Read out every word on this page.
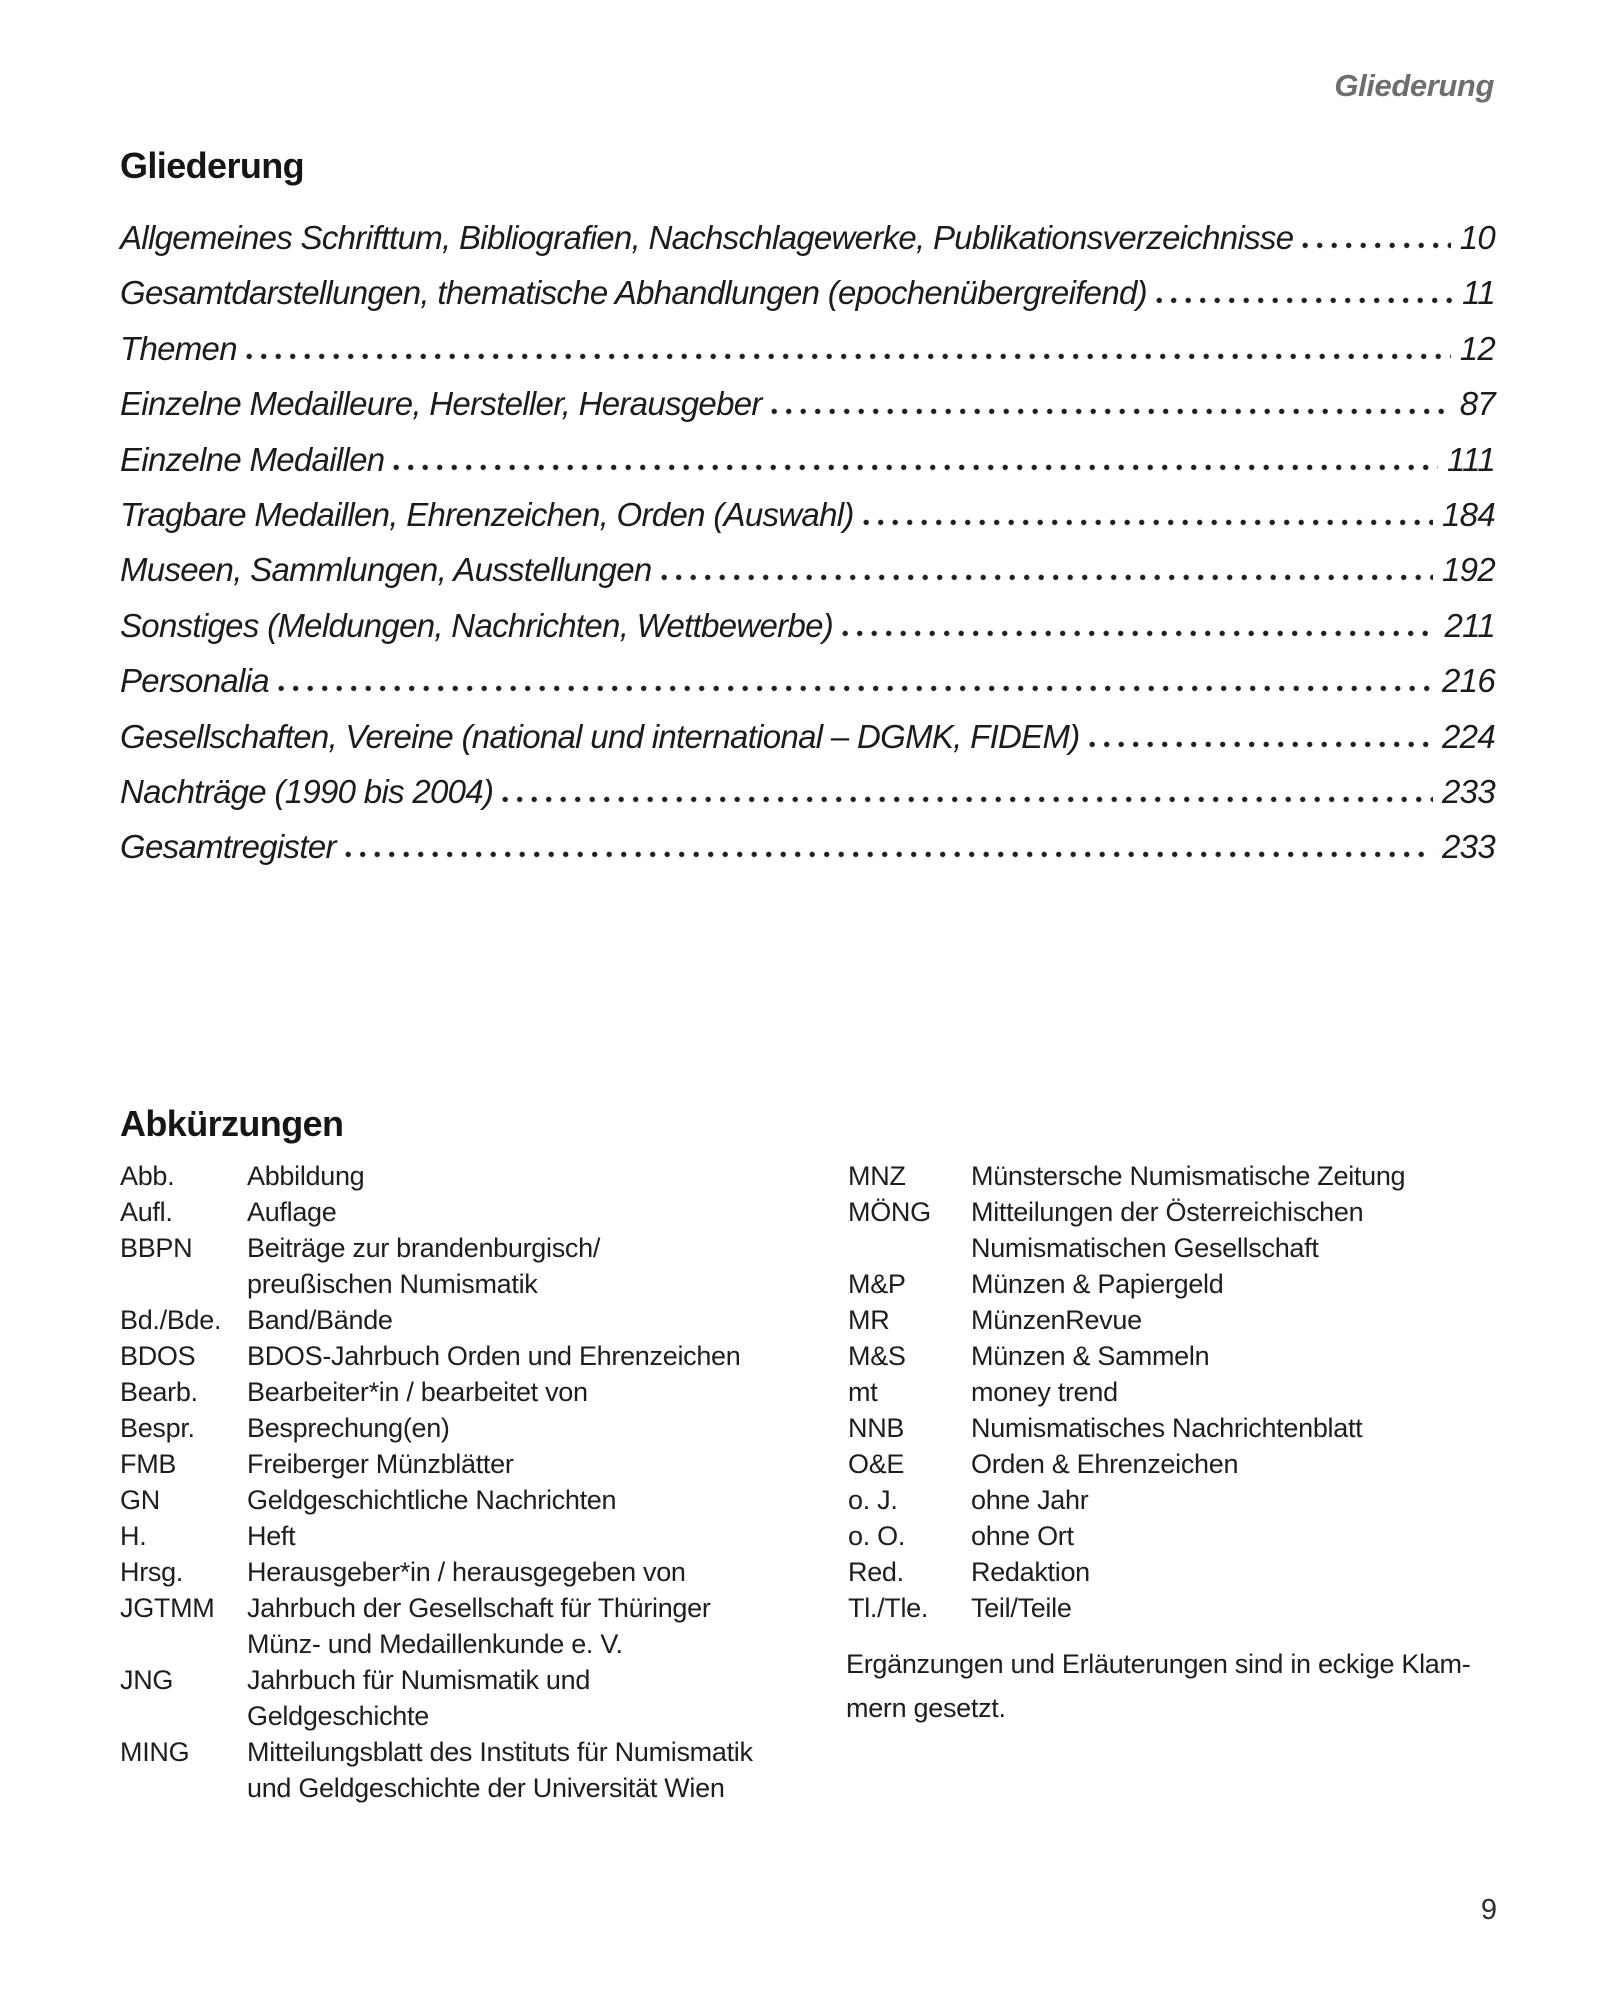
Gliederung
Gliederung
Allgemeines Schrifttum, Bibliografien, Nachschlagewerke, Publikationsverzeichnisse	10
Gesamtdarstellungen, thematische Abhandlungen (epochenübergreifend)	11
Themen	12
Einzelne Medailleure, Hersteller, Herausgeber	87
Einzelne Medaillen	111
Tragbare Medaillen, Ehrenzeichen, Orden (Auswahl)	184
Museen, Sammlungen, Ausstellungen	192
Sonstiges (Meldungen, Nachrichten, Wettbewerbe)	211
Personalia	216
Gesellschaften, Vereine (national und international – DGMK, FIDEM)	224
Nachträge (1990 bis 2004)	233
Gesamtregister	233
Abkürzungen
Abb.	Abbildung
Aufl.	Auflage
BBPN	Beiträge zur brandenburgisch/
preußischen Numismatik
Bd./Bde. Band/Bände
BDOS	BDOS-Jahrbuch Orden und Ehrenzeichen
Bearb.	Bearbeiter*in / bearbeitet von
Bespr.	Besprechung(en)
FMB	Freiberger Münzblätter
GN	Geldgeschichtliche Nachrichten
H.	Heft
Hrsg.	Herausgeber*in / herausgegeben von
JGTMM	Jahrbuch der Gesellschaft für Thüringer
Münz- und Medaillenkunde e. V.
JNG	Jahrbuch für Numismatik und
Geldgeschichte
MING	Mitteilungsblatt des Instituts für Numismatik
und Geldgeschichte der Universität Wien
MNZ	Münstersche Numismatische Zeitung
MÖNG	Mitteilungen der Österreichischen
Numismatischen Gesellschaft
M&P	Münzen & Papiergeld
MR	MünzenRevue
M&S	Münzen & Sammeln
mt	money trend
NNB	Numismatisches Nachrichtenblatt
O&E	Orden & Ehrenzeichen
o. J.	ohne Jahr
o. O.	ohne Ort
Red.	Redaktion
Tl./Tle.	Teil/Teile
Ergänzungen und Erläuterungen sind in eckige Klam-
mern gesetzt.
9
